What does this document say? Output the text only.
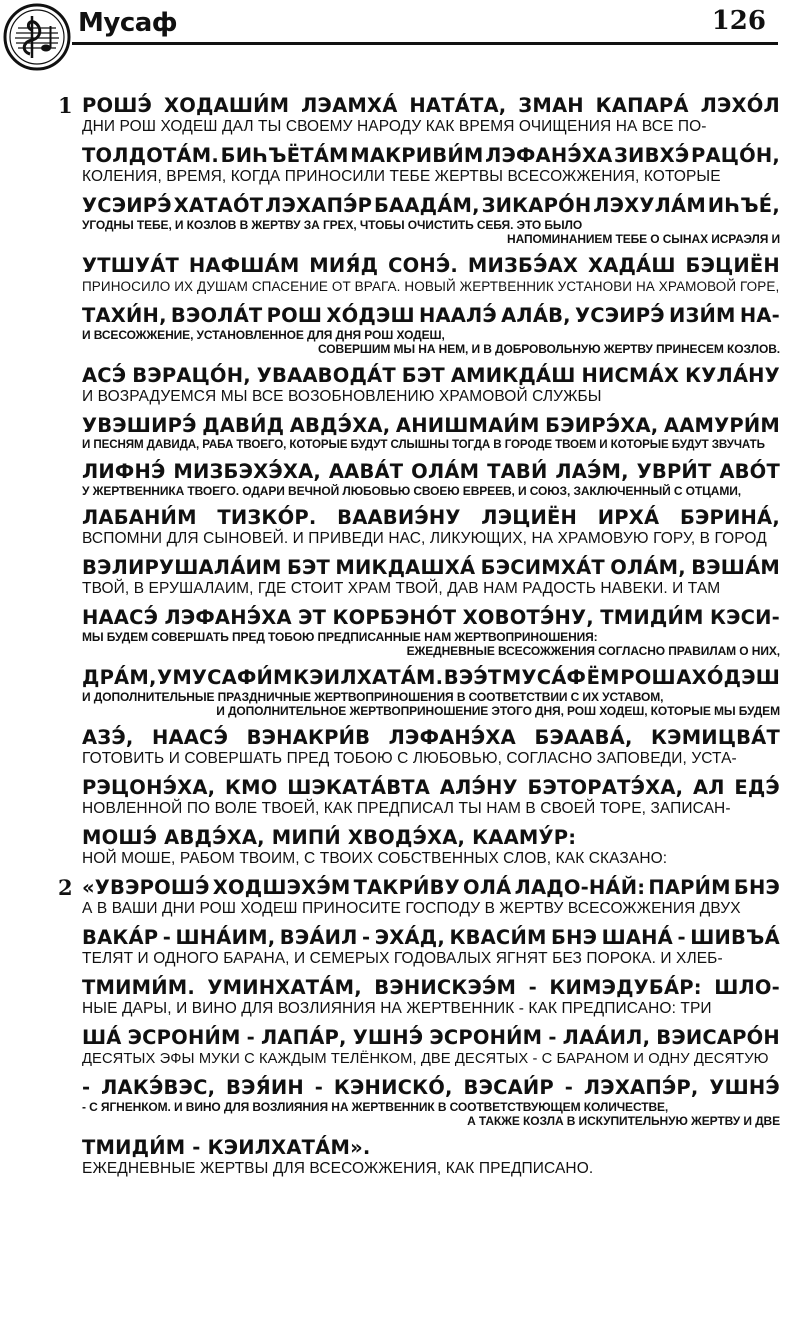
Мусаф	126
1 РОШЭ́ ХОДАШИ́М ЛЭАМХА́ НАТА́ТА, ЗМАН КАПАРА́ ЛЭХО́Л
ДНИ РОШ ХОДЕШ ДАЛ ТЫ СВОЕМУ НАРОДУ КАК ВРЕМЯ ОЧИЩЕНИЯ НА ВСЕ ПО-
ТОЛДОТА́М. БИҺЪЁТА́М МАКРИВИ́М ЛЭФАНЭ́ХА ЗИВХЭ́ РАЦО́Н,
КОЛЕНИЯ, ВРЕМЯ, КОГДА ПРИНОСИЛИ ТЕБЕ ЖЕРТВЫ ВСЕСОЖЖЕНИЯ, КОТОРЫЕ
УСЭИРЭ́ ХАТАО́Т ЛЭХАПЭ́Р БААДА́М, ЗИКАРО́Н ЛЭХУЛА́М ИҺЪЕ́,
УГОДНЫ ТЕБЕ, И КОЗЛОВ В ЖЕРТВУ ЗА ГРЕХ, ЧТОБЫ ОЧИСТИТЬ СЕБЯ. ЭТО БЫЛО
НАПОМИНАНИЕМ ТЕБЕ О СЫНАХ ИСРАЭЛЯ И
УТШУА́Т НАФША́М МИЯ́Д СОНЭ́. МИЗБЭ́АХ ХАДА́Ш БЭЦИЁН
ПРИНОСИЛО ИХ ДУШАМ СПАСЕНИЕ ОТ ВРАГА. НОВЫЙ ЖЕРТВЕННИК УСТАНОВИ НА ХРАМОВОЙ ГОРЕ,
ТАХИ́Н, ВЭОЛА́Т РОШ ХО́ДЭШ НААЛЭ́ АЛА́В, УСЭИРЭ́ ИЗИ́М НА-
И ВСЕСОЖЖЕНИЕ, УСТАНОВЛЕННОЕ ДЛЯ ДНЯ РОШ ХОДЕШ,
СОВЕРШИМ МЫ НА НЕМ, И В ДОБРОВОЛЬНУЮ ЖЕРТВУ ПРИНЕСЕМ КОЗЛОВ.
АСЭ́ ВЭРАЦО́Н, УВААВОДА́Т БЭТ АМИКДА́Ш НИСМА́Х КУЛА́НУ
И ВОЗРАДУЕМСЯ МЫ ВСЕ ВОЗОБНОВЛЕНИЮ ХРАМОВОЙ СЛУЖБЫ
УВЭШИРЭ́ ДАВИ́Д АВДЭ́ХА, АНИШМАИ́М БЭИРЭ́ХА, ААМУРИ́М
И ПЕСНЯМ ДАВИДА, РАБА ТВОЕГО, КОТОРЫЕ БУДУТ СЛЫШНЫ ТОГДА В ГОРОДЕ ТВОЕМ И КОТОРЫЕ БУДУТ ЗВУЧАТЬ
ЛИФНЭ́ МИЗБЭХЭ́ХА, ААВА́Т ОЛА́М ТАВИ́ ЛАЭ́М, УВРИ́Т АВО́Т
У ЖЕРТВЕННИКА ТВОЕГО. ОДАРИ ВЕЧНОЙ ЛЮБОВЬЮ СВОЕЮ ЕВРЕЕВ, И СОЮЗ, ЗАКЛЮЧЕННЫЙ С ОТЦАМИ,
ЛАБАНИ́М ТИЗКО́Р. ВААВИЭ́НУ ЛЭЦИЁН ИРХА́ БЭРИНА́,
ВСПОМНИ ДЛЯ СЫНОВЕЙ. И ПРИВЕДИ НАС, ЛИКУЮЩИХ, НА ХРАМОВУЮ ГОРУ, В ГОРОД
ВЭЛИРУШАЛА́ИМ БЭТ МИКДАШХА́ БЭСИМХА́Т ОЛА́М, ВЭША́М
ТВОЙ, В ЕРУШАЛАИМ, ГДЕ СТОИТ ХРАМ ТВОЙ, ДАВ НАМ РАДОСТЬ НАВЕКИ. И ТАМ
НААСЭ́ ЛЭФАНЭ́ХА ЭТ КОРБЭНО́Т ХОВОТЭ́НУ, ТМИДИ́М КЭСИ-
МЫ БУДЕМ СОВЕРШАТЬ ПРЕД ТОБОЮ ПРЕДПИСАННЫЕ НАМ ЖЕРТВОПРИНОШЕНИЯ:
ЕЖЕДНЕВНЫЕ ВСЕСОЖЖЕНИЯ СОГЛАСНО ПРАВИЛАМ О НИХ,
ДРА́М, УМУСАФИ́М КЭИЛХАТА́М. ВЭЭ́Т МУСА́Ф ЁМ РОШ АХО́ДЭШ
И ДОПОЛНИТЕЛЬНЫЕ ПРАЗДНИЧНЫЕ ЖЕРТВОПРИНОШЕНИЯ В СООТВЕТСТВИИ С ИХ УСТАВОМ,
И ДОПОЛНИТЕЛЬНОЕ ЖЕРТВОПРИНОШЕНИЕ ЭТОГО ДНЯ, РОШ ХОДЕШ, КОТОРЫЕ МЫ БУДЕМ
АЗЭ́, НААСЭ́ ВЭНАКРИ́В ЛЭФАНЭ́ХА БЭААВА́, КЭМИЦВА́Т
ГОТОВИТЬ И СОВЕРШАТЬ ПРЕД ТОБОЮ С ЛЮБОВЬЮ, СОГЛАСНО ЗАПОВЕДИ, УСТА-
РЭЦОНЭ́ХА, КМО ШЭКАТА́ВТА АЛЭ́НУ БЭТОРАТЭ́ХА, АЛ ЕДЭ́
НОВЛЕННОЙ ПО ВОЛЕ ТВОЕЙ, КАК ПРЕДПИСАЛ ТЫ НАМ В СВОЕЙ ТОРЕ, ЗАПИСАН-
МОШЭ́ АВДЭ́ХА, МИПИ́ ХВОДЭ́ХА, КААМУ́Р:
НОЙ МОШЕ, РАБОМ ТВОИМ, С ТВОИХ СОБСТВЕННЫХ СЛОВ, КАК СКАЗАНО:
2 «УВЭРОШЭ́ ХОДШЭХЭ́М ТАКРИ́ВУ ОЛА́ ЛАДО-НА́Й: ПАРИ́М БНЭ
А В ВАШИ ДНИ РОШ ХОДЕШ ПРИНОСИТЕ ГОСПОДУ В ЖЕРТВУ ВСЕСОЖЖЕНИЯ ДВУХ
ВАКА́Р - ШНА́ИМ, ВЭА́ИЛ - ЭХА́Д, КВАСИ́М БНЭ ШАНА́ - ШИВЪА́
ТЕЛЯТ И ОДНОГО БАРАНА, И СЕМЕРЫХ ГОДОВАЛЫХ ЯГНЯТ БЕЗ ПОРОКА. И ХЛЕБ-
ТМИМИ́М. УМИНХАТА́М, ВЭНИСКЭЭ́М - КИМЭДУБА́Р: ШЛО-
НЫЕ ДАРЫ, И ВИНО ДЛЯ ВОЗЛИЯНИЯ НА ЖЕРТВЕННИК - КАК ПРЕДПИСАНО: ТРИ
ША́ ЭСРОНИ́М - ЛАПА́Р, УШНЭ́ ЭСРОНИ́М - ЛАА́ИЛ, ВЭИСАРО́Н
ДЕСЯТЫХ ЭФЫ МУКИ С КАЖДЫМ ТЕЛЁНКОМ, ДВЕ ДЕСЯТЫХ - С БАРАНОМ И ОДНУ ДЕСЯТУЮ
- ЛАКЭ́ВЭС, ВЭЯ́ИН - КЭНИСКО́, ВЭСАИ́Р - ЛЭХАПЭ́Р, УШНЭ́
- С ЯГНЕНКОМ. И ВИНО ДЛЯ ВОЗЛИЯНИЯ НА ЖЕРТВЕННИК В СООТВЕТСТВУЮЩЕМ КОЛИЧЕСТВЕ,
А ТАКЖЕ КОЗЛА В ИСКУПИТЕЛЬНУЮ ЖЕРТВУ И ДВЕ
ТМИДИ́М - КЭИЛХАТА́М».
ЕЖЕДНЕВНЫЕ ЖЕРТВЫ ДЛЯ ВСЕСОЖЖЕНИЯ, КАК ПРЕДПИСАНО.
